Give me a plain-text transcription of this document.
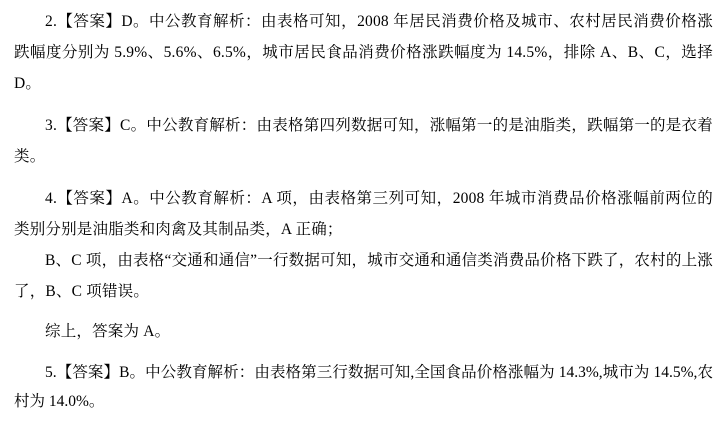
2.【答案】D。中公教育解析：由表格可知，2008 年居民消费价格及城市、农村居民消费价格涨跌幅度分别为 5.9%、5.6%、6.5%，城市居民食品消费价格涨跌幅度为 14.5%，排除 A、B、C，选择 D。
3.【答案】C。中公教育解析：由表格第四列数据可知，涨幅第一的是油脂类，跌幅第一的是衣着类。
4.【答案】A。中公教育解析：A 项，由表格第三列可知，2008 年城市消费品价格涨幅前两位的类别分别是油脂类和肉禽及其制品类，A 正确；
B、C 项，由表格“交通和通信”一行数据可知，城市交通和通信类消费品价格下跌了，农村的上涨了，B、C 项错误。
综上，答案为 A。
5.【答案】B。中公教育解析：由表格第三行数据可知,全国食品价格涨幅为 14.3%,城市为 14.5%,农村为 14.0%。
